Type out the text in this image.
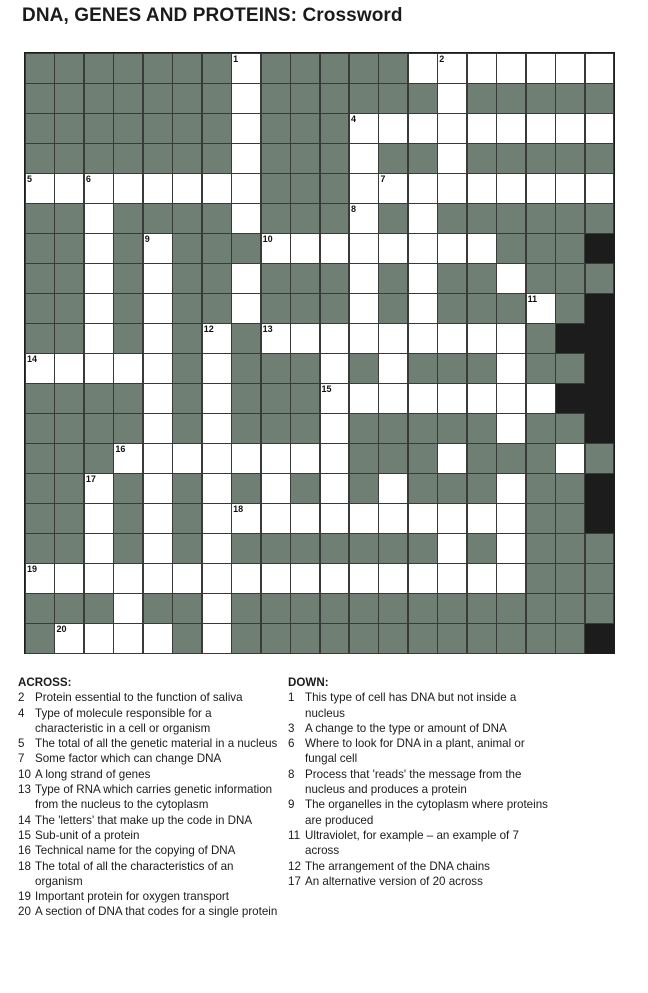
DNA, GENES AND PROTEINS: Crossword
1	2
4
5	6	7
8
9	10
11
12	13
14
15
16
17
18
19
20
ACROSS:
2 Protein essential to the function of saliva
4 Type of molecule responsible for a characteristic in a cell or organism
5 The total of all the genetic material in a nucleus
7 Some factor which can change DNA
10 A long strand of genes
13 Type of RNA which carries genetic information from the nucleus to the cytoplasm
14 The 'letters' that make up the code in DNA
15 Sub-unit of a protein
16 Technical name for the copying of DNA
18 The total of all the characteristics of an organism
19 Important protein for oxygen transport
20 A section of DNA that codes for a single protein
DOWN:
1 This type of cell has DNA but not inside a nucleus
3 A change to the type or amount of DNA
6 Where to look for DNA in a plant, animal or fungal cell
8 Process that 'reads' the message from the nucleus and produces a protein
9 The organelles in the cytoplasm where proteins are produced
11 Ultraviolet, for example – an example of 7 across
12 The arrangement of the DNA chains
17 An alternative version of 20 across
